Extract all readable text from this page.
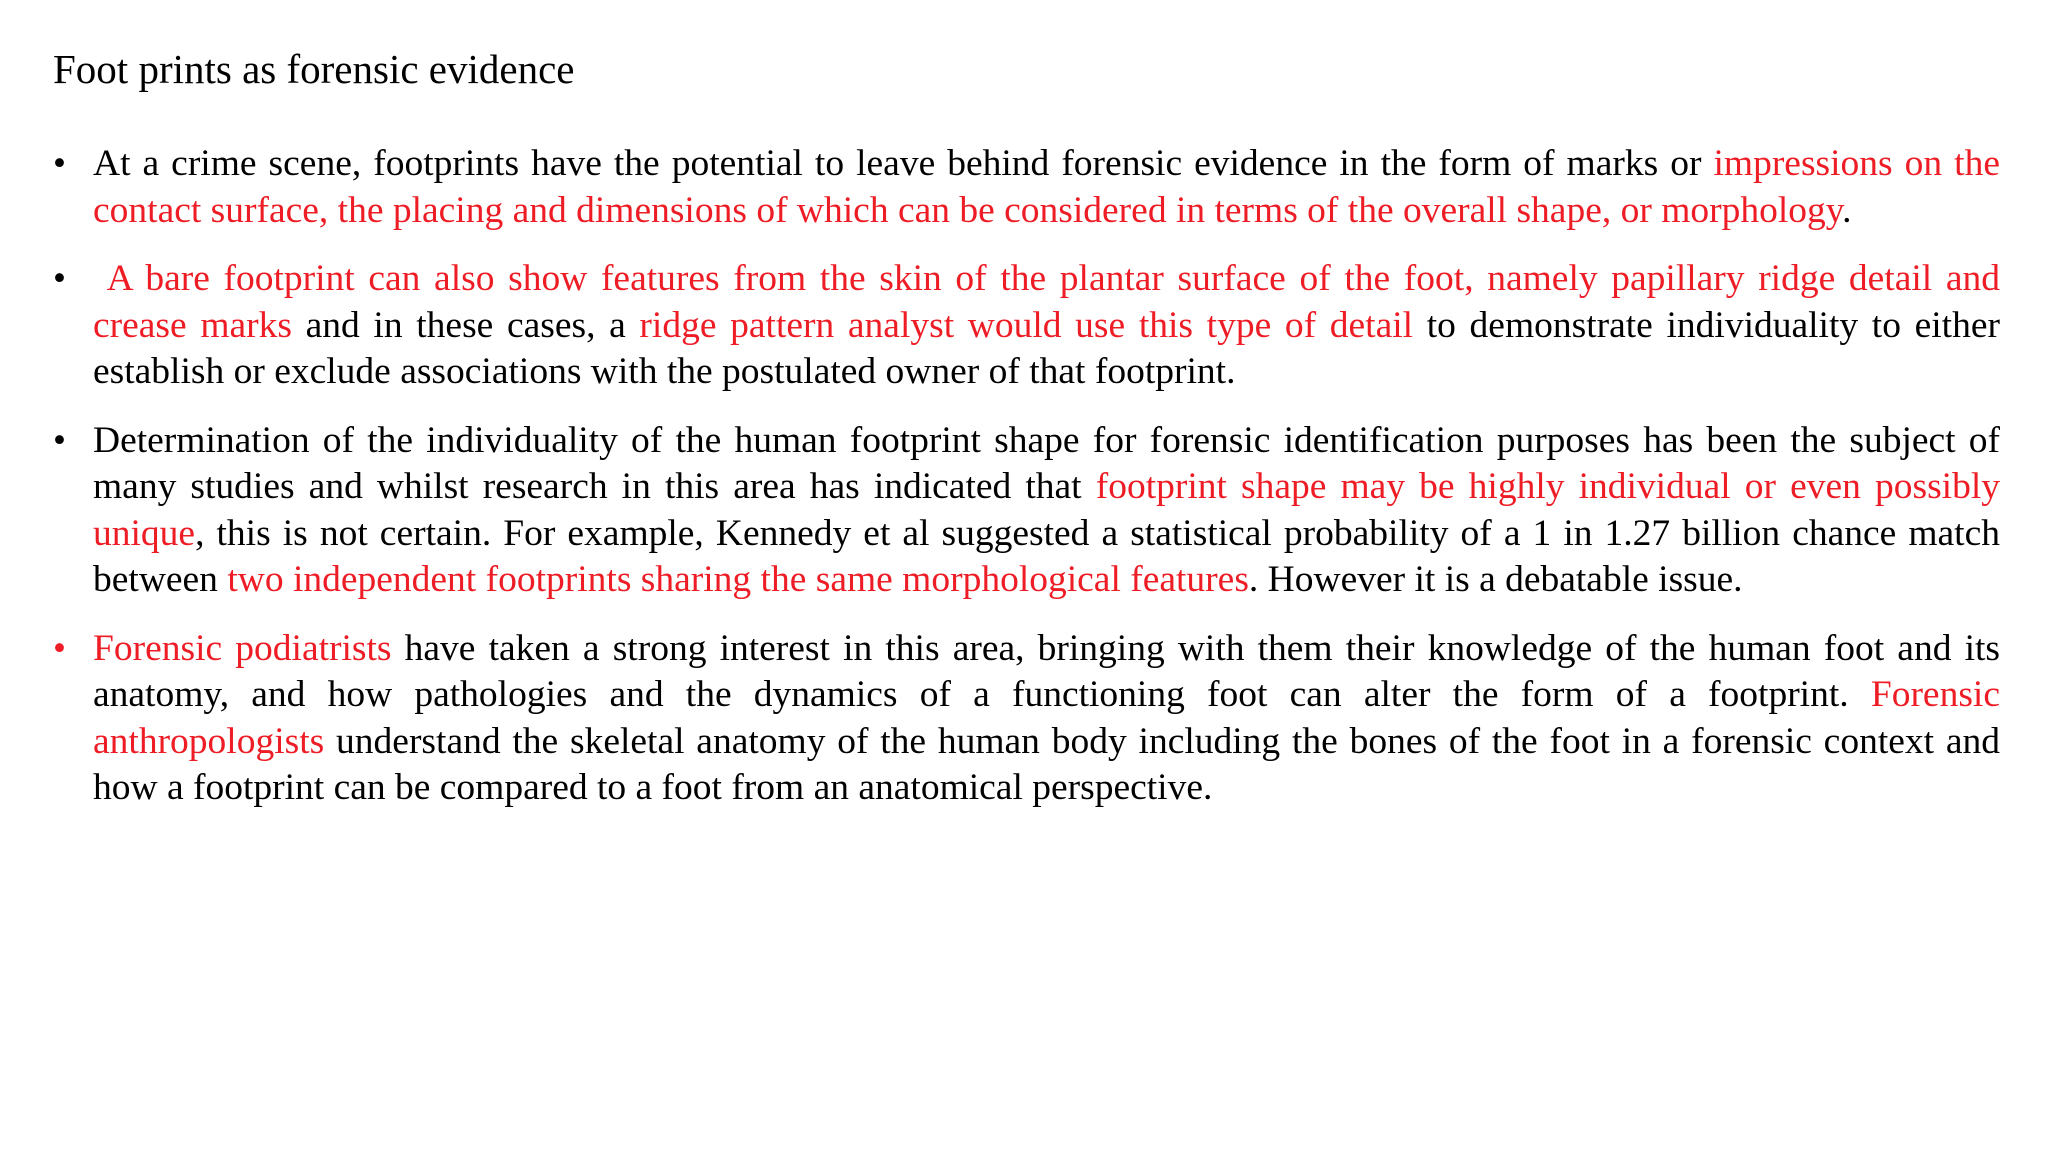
Foot prints as forensic evidence
• At a crime scene, footprints have the potential to leave behind forensic evidence in the form of marks or impressions on the contact surface, the placing and dimensions of which can be considered in terms of the overall shape, or morphology.
• A bare footprint can also show features from the skin of the plantar surface of the foot, namely papillary ridge detail and crease marks and in these cases, a ridge pattern analyst would use this type of detail to demonstrate individuality to either establish or exclude associations with the postulated owner of that footprint.
• Determination of the individuality of the human footprint shape for forensic identification purposes has been the subject of many studies and whilst research in this area has indicated that footprint shape may be highly individual or even possibly unique, this is not certain. For example, Kennedy et al suggested a statistical probability of a 1 in 1.27 billion chance match between two independent footprints sharing the same morphological features. However it is a debatable issue.
• Forensic podiatrists have taken a strong interest in this area, bringing with them their knowledge of the human foot and its anatomy, and how pathologies and the dynamics of a functioning foot can alter the form of a footprint. Forensic anthropologists understand the skeletal anatomy of the human body including the bones of the foot in a forensic context and how a footprint can be compared to a foot from an anatomical perspective.
